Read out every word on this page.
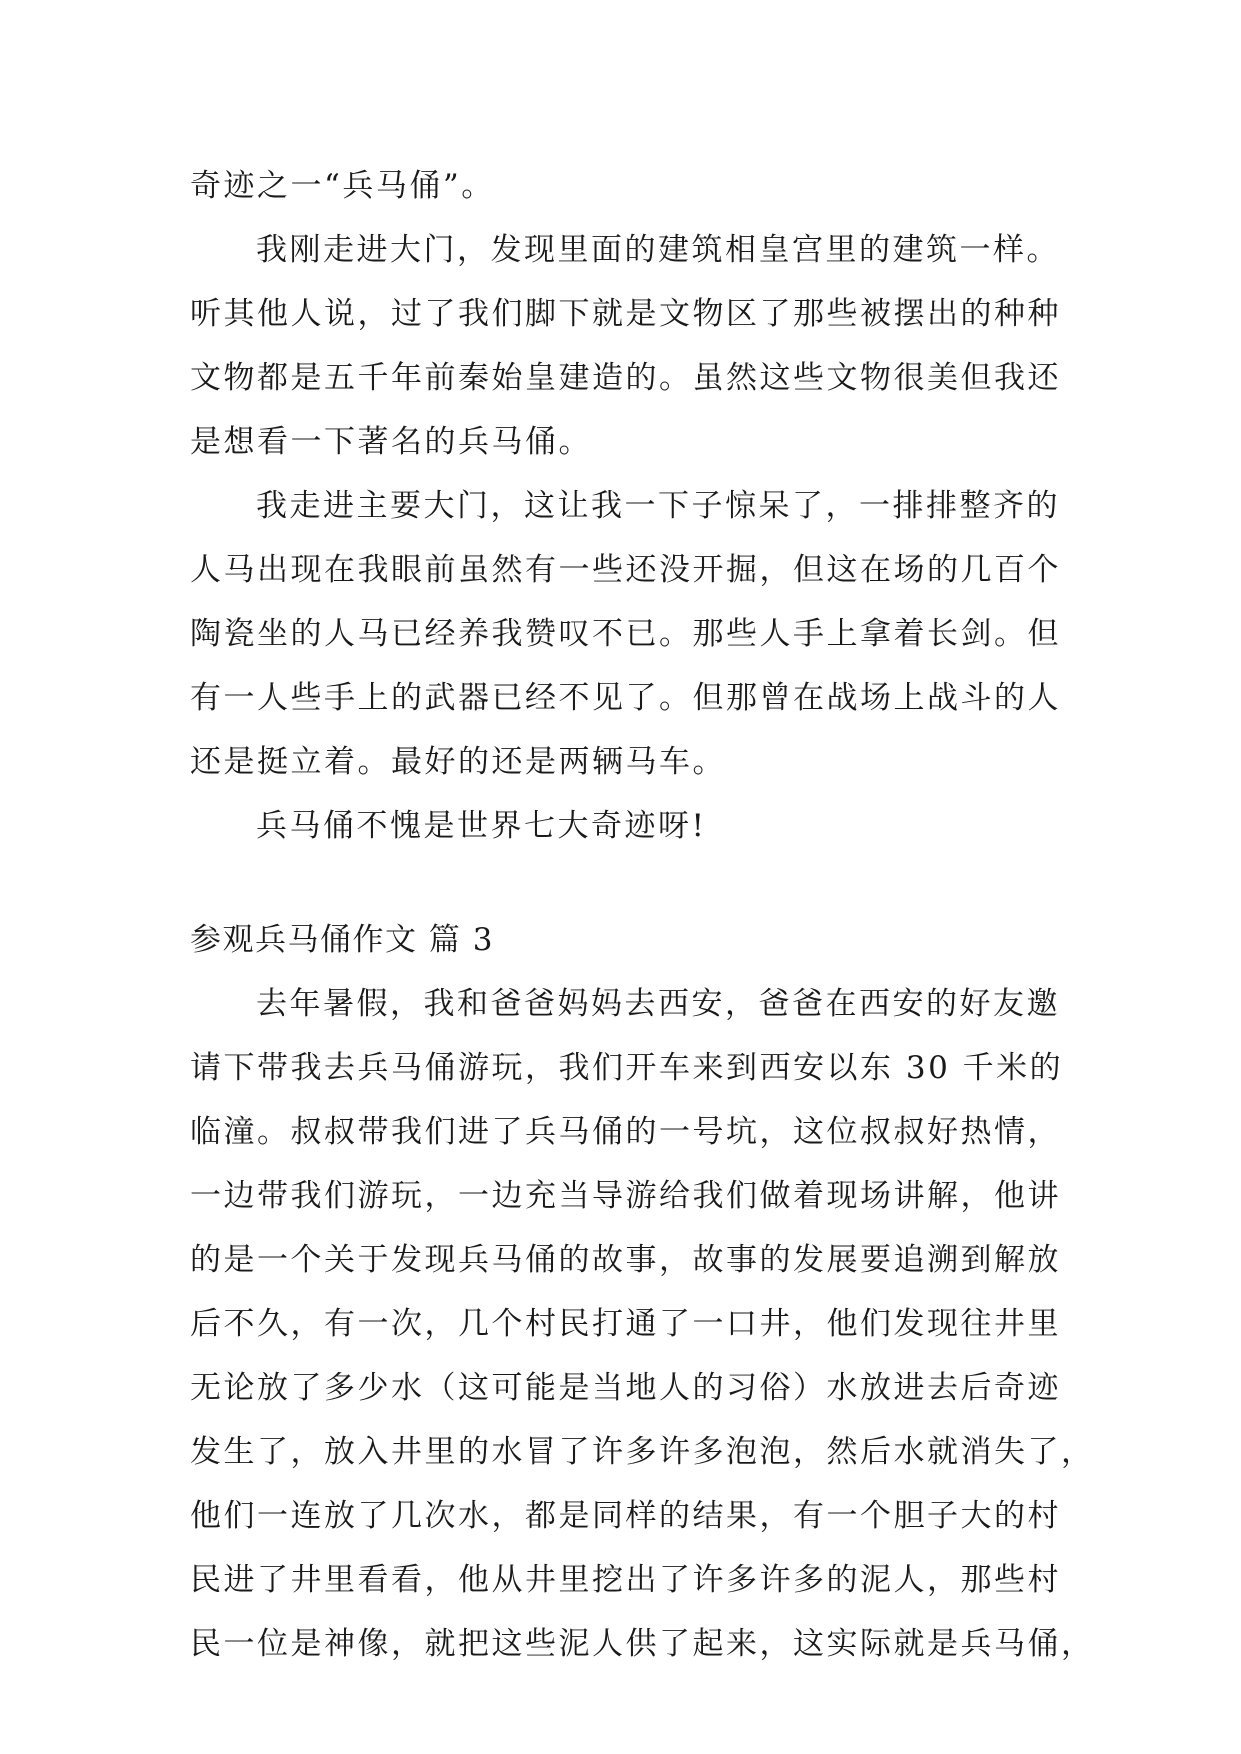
奇迹之一“兵马俑”。
我刚走进大门，发现里面的建筑相皇宫里的建筑一样。
听其他人说，过了我们脚下就是文物区了那些被摆出的种种
文物都是五千年前秦始皇建造的。虽然这些文物很美但我还
是想看一下著名的兵马俑。
我走进主要大门，这让我一下子惊呆了，一排排整齐的
人马出现在我眼前虽然有一些还没开掘，但这在场的几百个
陶瓷坐的人马已经养我赞叹不已。那些人手上拿着长剑。但
有一人些手上的武器已经不见了。但那曾在战场上战斗的人
还是挺立着。最好的还是两辆马车。
兵马俑不愧是世界七大奇迹呀!
参观兵马俑作文 篇 3
去年暑假，我和爸爸妈妈去西安，爸爸在西安的好友邀
请下带我去兵马俑游玩，我们开车来到西安以东 30 千米的
临潼。叔叔带我们进了兵马俑的一号坑，这位叔叔好热情，
一边带我们游玩，一边充当导游给我们做着现场讲解，他讲
的是一个关于发现兵马俑的故事，故事的发展要追溯到解放
后不久，有一次，几个村民打通了一口井，他们发现往井里
无论放了多少水（这可能是当地人的习俗）水放进去后奇迹
发生了，放入井里的水冒了许多许多泡泡，然后水就消失了，
他们一连放了几次水，都是同样的结果，有一个胆子大的村
民进了井里看看，他从井里挖出了许多许多的泥人，那些村
民一位是神像，就把这些泥人供了起来，这实际就是兵马俑，
